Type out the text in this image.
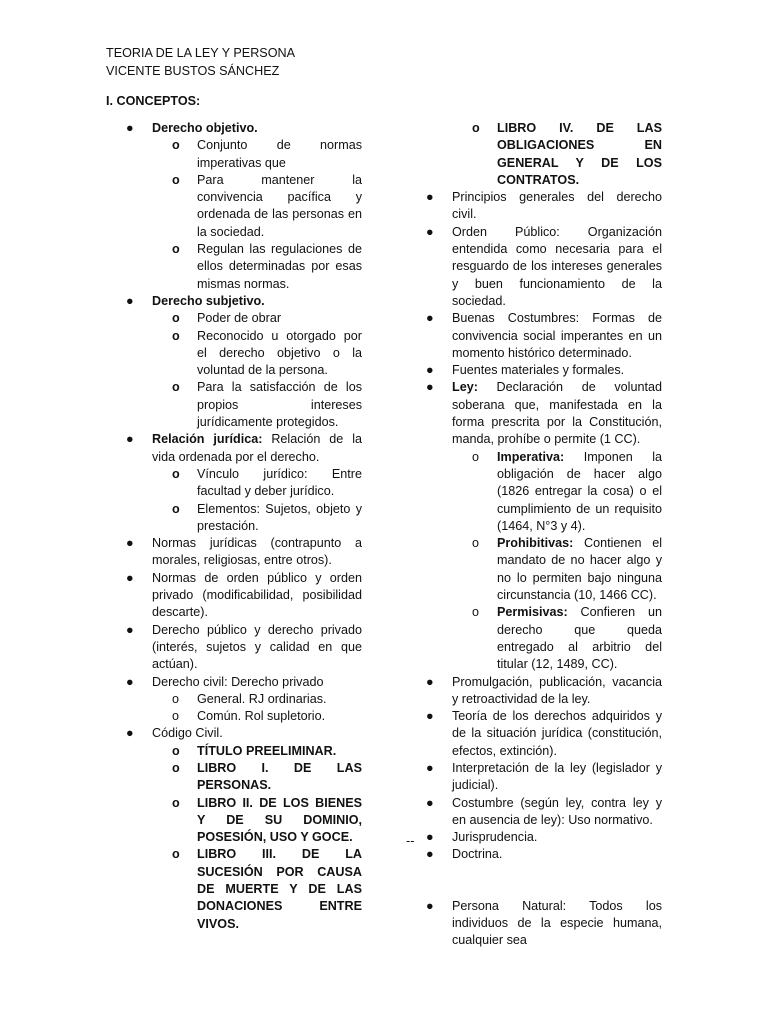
TEORIA DE LA LEY Y PERSONA

VICENTE BUSTOS SÁNCHEZ

I. CONCEPTOS:

●	Derecho objetivo.
o	Conjunto de normas imperativas que
o	Para mantener la convivencia pacífica y ordenada de las personas en la sociedad.
o	Regulan las regulaciones de ellos determinadas por esas mismas normas.
●	Derecho subjetivo.
o	Poder de obrar
o	Reconocido u otorgado por el derecho objetivo o la voluntad de la persona.
o	Para la satisfacción de los propios intereses jurídicamente protegidos.
●	Relación jurídica: Relación de la vida ordenada por el derecho.
o	Vínculo jurídico: Entre facultad y deber jurídico.
o	Elementos: Sujetos, objeto y prestación.
●	Normas jurídicas (contrapunto a morales, religiosas, entre otros).
●	Normas de orden público y orden privado (modificabilidad, posibilidad descarte).
●	Derecho público y derecho privado (interés, sujetos y calidad en que actúan).
●	Derecho civil: Derecho privado
o	General. RJ ordinarias.
o	Común. Rol supletorio.
●	Código Civil.
o	TÍTULO PREELIMINAR.
o	LIBRO I. DE LAS PERSONAS.
o	LIBRO II. DE LOS BIENES Y DE SU DOMINIO, POSESIÓN, USO Y GOCE.
o	LIBRO III. DE LA SUCESIÓN POR CAUSA DE MUERTE Y DE LAS DONACIONES ENTRE VIVOS.
o	LIBRO IV. DE LAS OBLIGACIONES EN GENERAL Y DE LOS CONTRATOS.
●	Principios generales del derecho civil.
●	Orden Público: Organización entendida como necesaria para el resguardo de los intereses generales y buen funcionamiento de la sociedad.
●	Buenas Costumbres: Formas de convivencia social imperantes en un momento histórico determinado.
●	Fuentes materiales y formales.
●	Ley: Declaración de voluntad soberana que, manifestada en la forma prescrita por la Constitución, manda, prohíbe o permite (1 CC).
o	Imperativa: Imponen la obligación de hacer algo (1826 entregar la cosa) o el cumplimiento de un requisito (1464, N°3 y 4).
o	Prohibitivas: Contienen el mandato de no hacer algo y no lo permiten bajo ninguna circunstancia (10, 1466 CC).
o	Permisivas: Confieren un derecho que queda entregado al arbitrio del titular (12, 1489, CC).
●	Promulgación, publicación, vacancia y retroactividad de la ley.
●	Teoría de los derechos adquiridos y de la situación jurídica (constitución, efectos, extinción).
●	Interpretación de la ley (legislador y judicial).
●	Costumbre (según ley, contra ley y en ausencia de ley): Uso normativo.
●	Jurisprudencia.
●	Doctrina.
●	Persona Natural: Todos los individuos de la especie humana, cualquier sea
--
